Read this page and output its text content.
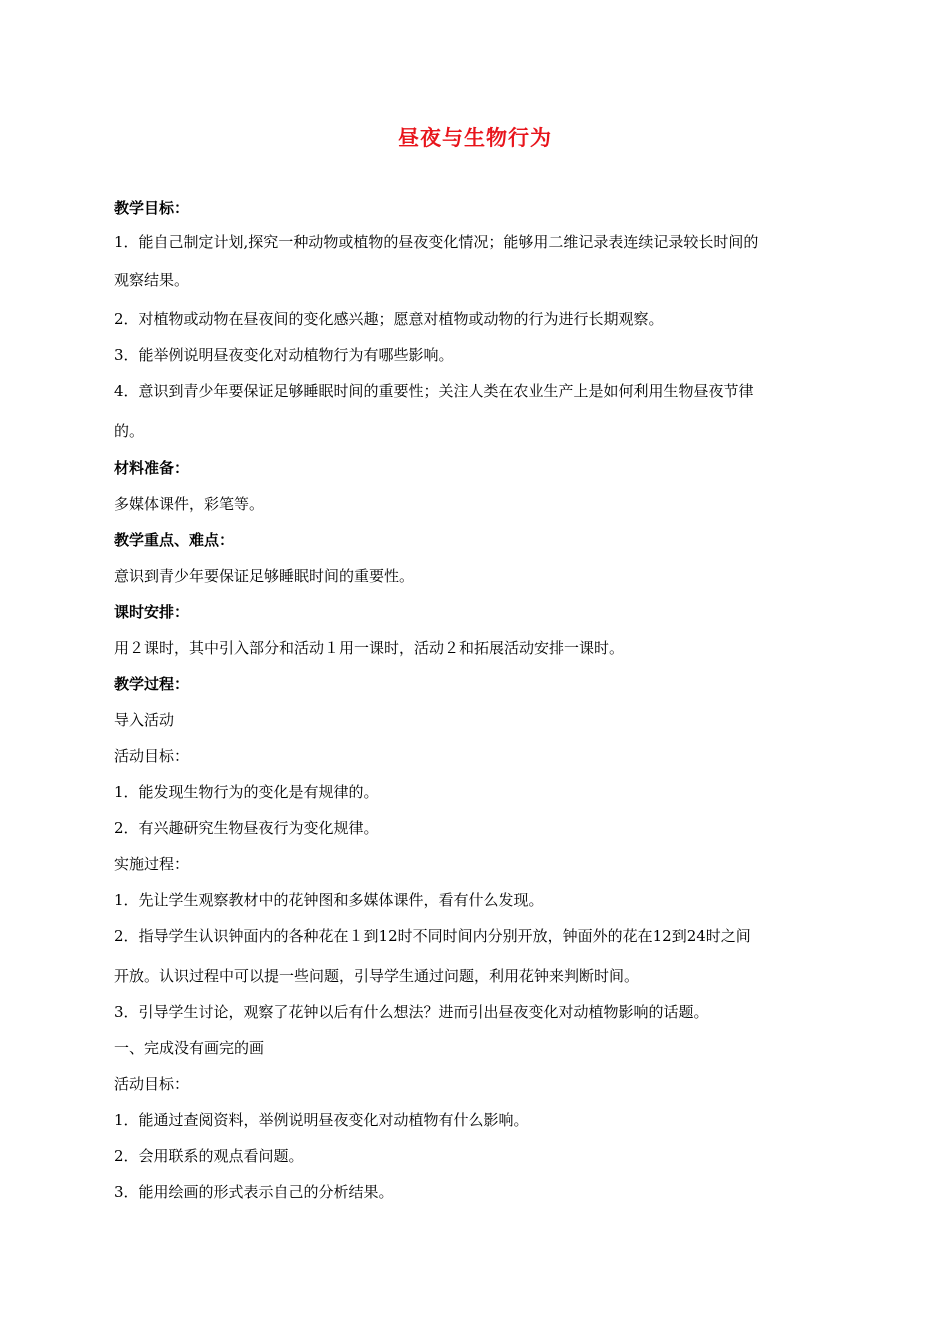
昼夜与生物行为
教学目标：
1．能自己制定计划,探究一种动物或植物的昼夜变化情况；能够用二维记录表连续记录较长时间的
观察结果。
2．对植物或动物在昼夜间的变化感兴趣；愿意对植物或动物的行为进行长期观察。
3．能举例说明昼夜变化对动植物行为有哪些影响。
4．意识到青少年要保证足够睡眠时间的重要性；关注人类在农业生产上是如何利用生物昼夜节律
的。
材料准备：
多媒体课件，彩笔等。
教学重点、难点：
意识到青少年要保证足够睡眠时间的重要性。
课时安排：
用２课时，其中引入部分和活动１用一课时，活动２和拓展活动安排一课时。
教学过程：
导入活动
活动目标：
1．能发现生物行为的变化是有规律的。
2．有兴趣研究生物昼夜行为变化规律。
实施过程：
1．先让学生观察教材中的花钟图和多媒体课件，看有什么发现。
2．指导学生认识钟面内的各种花在１到12时不同时间内分别开放，钟面外的花在12到24时之间
开放。认识过程中可以提一些问题，引导学生通过问题，利用花钟来判断时间。
3．引导学生讨论，观察了花钟以后有什么想法？进而引出昼夜变化对动植物影响的话题。
一、完成没有画完的画
活动目标：
1．能通过查阅资料，举例说明昼夜变化对动植物有什么影响。
2．会用联系的观点看问题。
3．能用绘画的形式表示自己的分析结果。
